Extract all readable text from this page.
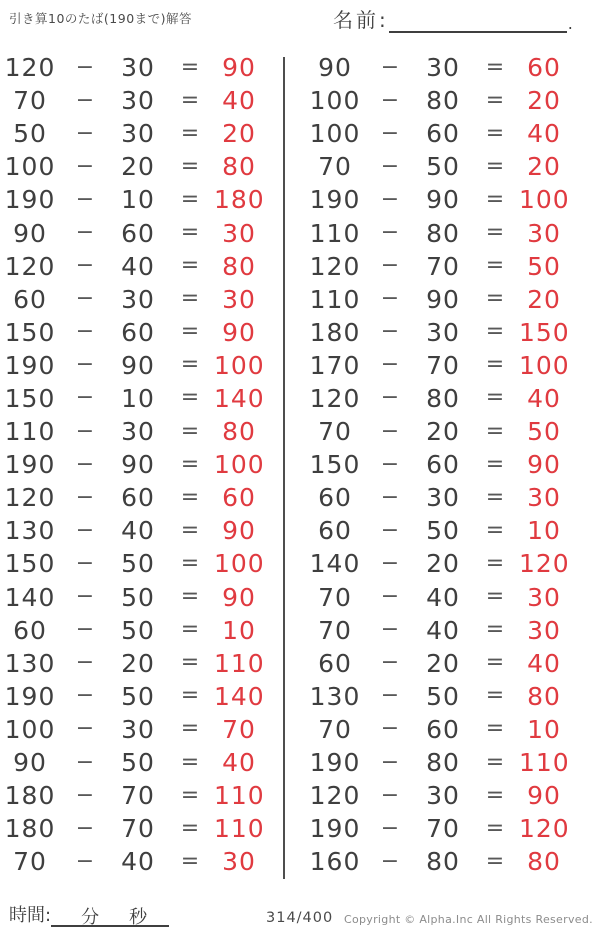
引き算10のたば(190まで)解答	名前:	.
120 −	30	= 90
70	−	30	= 40
50	−	30	= 20
100 −	20	= 80
190 −	10	= 180
90	−	60	= 30
120 −	40	= 80
60	−	30	= 30
150 −	60	= 90
190 −	90	= 100
150 −	10	= 140
110 −	30	= 80
190 −	90	= 100
120 −	60	= 60
130 −	40	= 90
150 −	50	= 100
140 −	50	= 90
60	−	50	= 10
130 −	20	= 110
190 −	50	= 140
100 −	30	= 70
90	−	50	= 40
180 −	70	= 110
180 −	70	= 110
70	−	40	= 30
90	−	30	= 60
100 −	80	= 20
100 −	60	= 40
70	−	50	= 20
190 −	90	= 100
110 −	80	= 30
120 −	70	= 50
110 −	90	= 20
180 −	30	= 150
170 −	70	= 100
120 −	80	= 40
70	−	20	= 50
150 −	60	= 90
60	−	30	= 30
60	−	50	= 10
140 −	20	= 120
70	−	40	= 30
70	−	40	= 30
60	−	20	= 40
130 −	50	= 80
70	−	60	= 10
190 −	80	= 110
120 −	30	= 90
190 −	70	= 120
160 −	80	= 80
時間:	分 秒	314/400 Copyright © Alpha.Inc All Rights Reserved.
